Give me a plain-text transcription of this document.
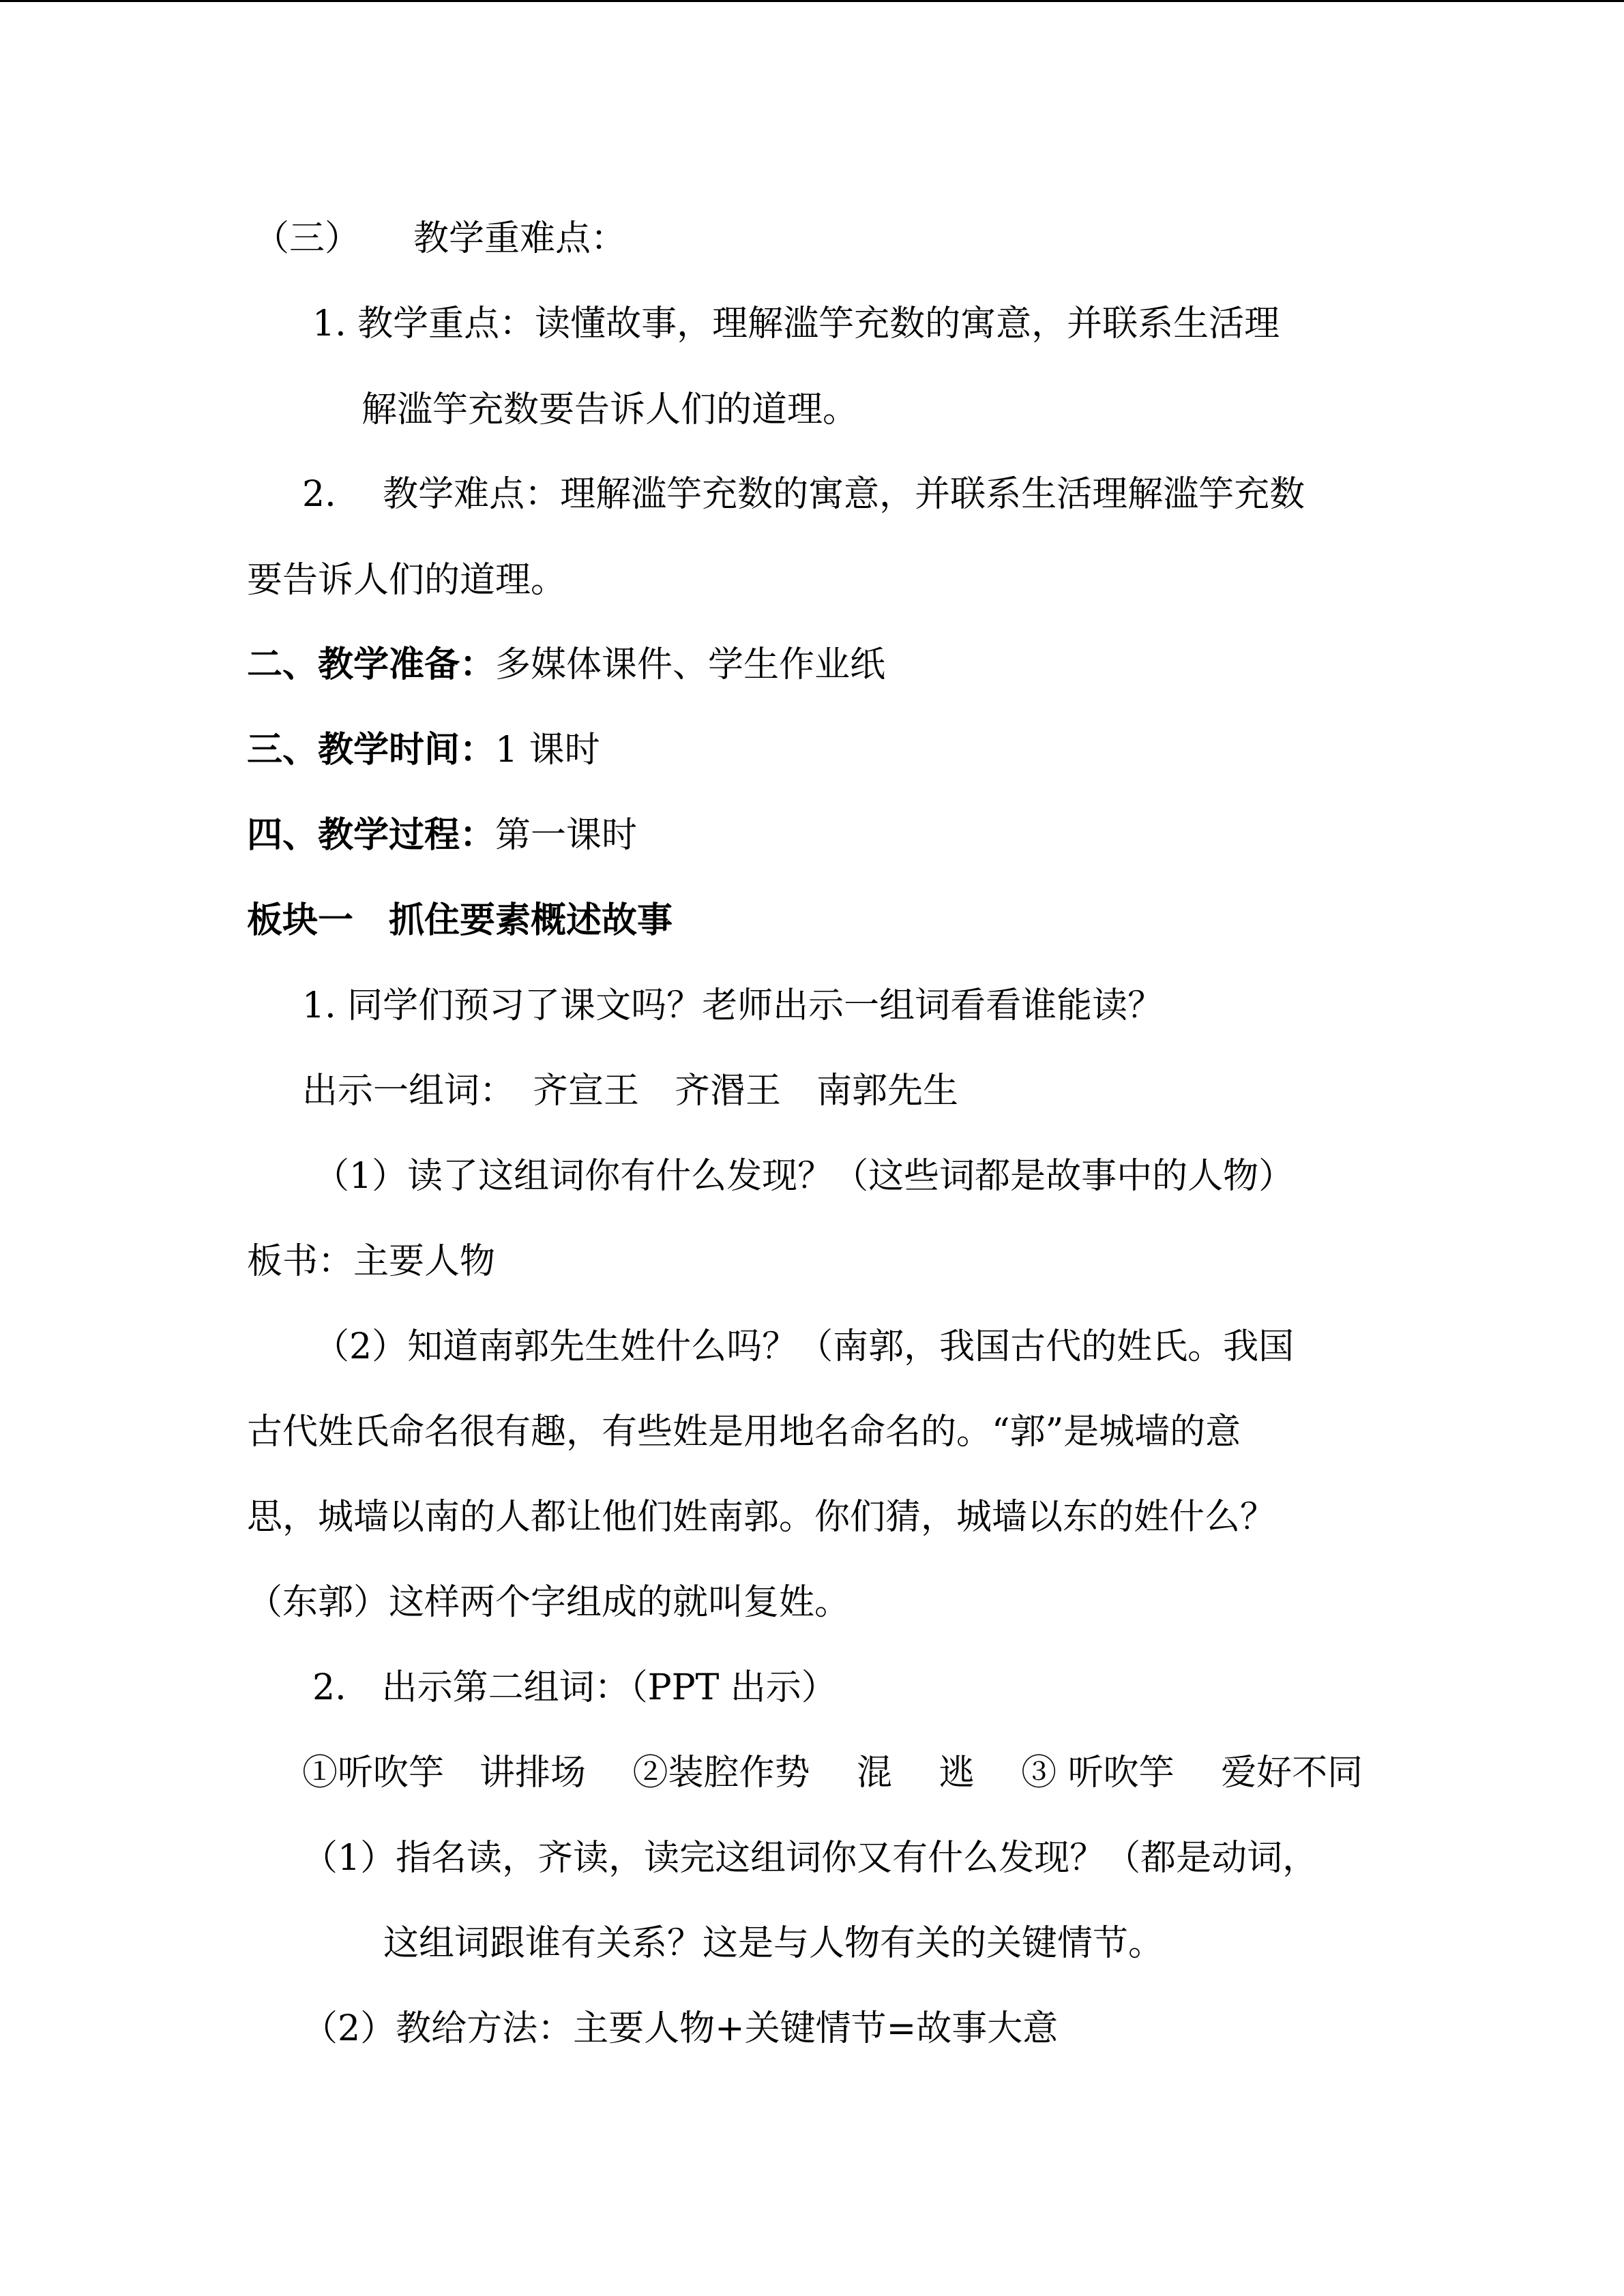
（三）　　教学重难点：
1. 教学重点：读懂故事，理解滥竽充数的寓意，并联系生活理
解滥竽充数要告诉人们的道理。
2.　 教学难点：理解滥竽充数的寓意，并联系生活理解滥竽充数
要告诉人们的道理。
二、教学准备：多媒体课件、学生作业纸
三、教学时间：1 课时
四、教学过程：第一课时
板块一　抓住要素概述故事
1. 同学们预习了课文吗？老师出示一组词看看谁能读？
出示一组词：　齐宣王　齐湣王　南郭先生
（1）读了这组词你有什么发现？（这些词都是故事中的人物）
板书：主要人物
（2）知道南郭先生姓什么吗？（南郭，我国古代的姓氏。我国
古代姓氏命名很有趣，有些姓是用地名命名的。“郭”是城墙的意
思，城墙以南的人都让他们姓南郭。你们猜，城墙以东的姓什么？
（东郭）这样两个字组成的就叫复姓。
2.　出示第二组词：（PPT 出示）
①听吹竽　讲排场　 ②装腔作势　 混　 逃　 ③ 听吹竽　 爱好不同
（1）指名读，齐读，读完这组词你又有什么发现？（都是动词，
这组词跟谁有关系？这是与人物有关的关键情节。
（2）教给方法：主要人物+关键情节=故事大意
